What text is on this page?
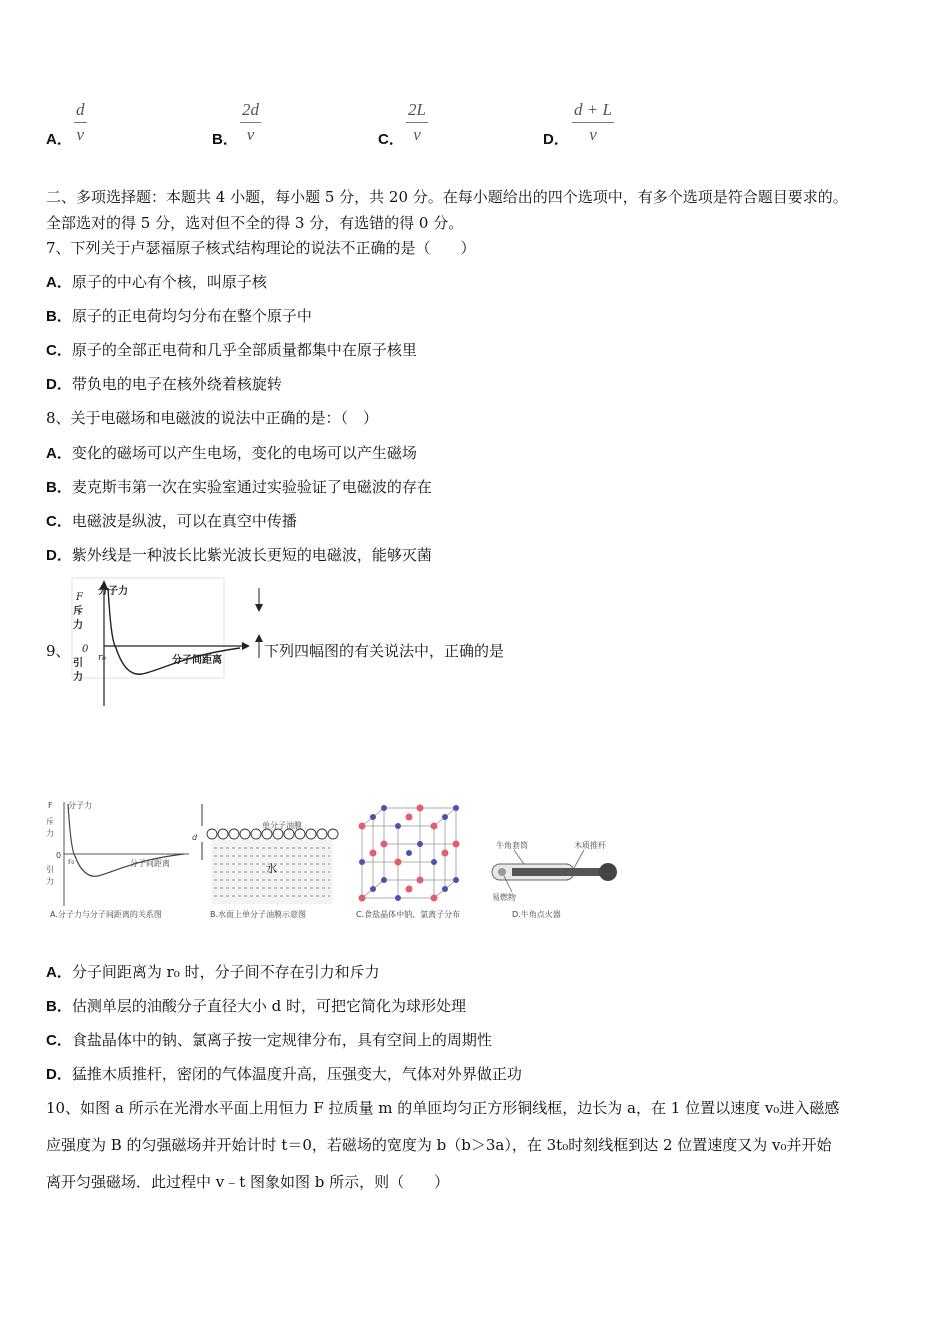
A． $\frac{d}{v}$	B． $\frac{2d}{v}$	C． $\frac{2L}{v}$	D． $\frac{d + L}{v}$
二、多项选择题：本题共 4 小题，每小题 5 分，共 20 分。在每小题给出的四个选项中，有多个选项是符合题目要求的。
全部选对的得 5 分，选对但不全的得 3 分，有选错的得 0 分。
7、下列关于卢瑟福原子核式结构理论的说法不正确的是（　　）
A．原子的中心有个核，叫原子核
B．原子的正电荷均匀分布在整个原子中
C．原子的全部正电荷和几乎全部质量都集中在原子核里
D．带负电的电子在核外绕着核旋转
8、关于电磁场和电磁波的说法中正确的是：（　）
A．变化的磁场可以产生电场，变化的电场可以产生磁场
B．麦克斯韦第一次在实验室通过实验验证了电磁波的存在
C．电磁波是纵波，可以在真空中传播
D．紫外线是一种波长比紫光波长更短的电磁波，能够灭菌
9、
分子力
F
斥
力
0
r₀
引
力
分子间距离
下列四幅图的有关说法中，正确的是
F 分子力
0
r₀	分子间距离
斥
力
引
力
A.分子力与分子间距离的关系图
d
单分子油膜
水
B.水面上单分子油膜示意图	C.食盐晶体中钠、氯离子分布
牛角套筒	木质推杆
易燃物
D.牛角点火器
A．分子间距离为 r₀ 时，分子间不存在引力和斥力
B．估测单层的油酸分子直径大小 d 时，可把它简化为球形处理
C．食盐晶体中的钠、氯离子按一定规律分布，具有空间上的周期性
D．猛推木质推杆，密闭的气体温度升高，压强变大，气体对外界做正功
10、如图 a 所示在光滑水平面上用恒力 F 拉质量 m 的单匝均匀正方形铜线框，边长为 a，在 1 位置以速度 v₀进入磁感
应强度为 B 的匀强磁场并开始计时 t＝0，若磁场的宽度为 b（b＞3a），在 3t₀时刻线框到达 2 位置速度又为 v₀并开始
离开匀强磁场．此过程中 v﹣t 图象如图 b 所示，则（　　）
